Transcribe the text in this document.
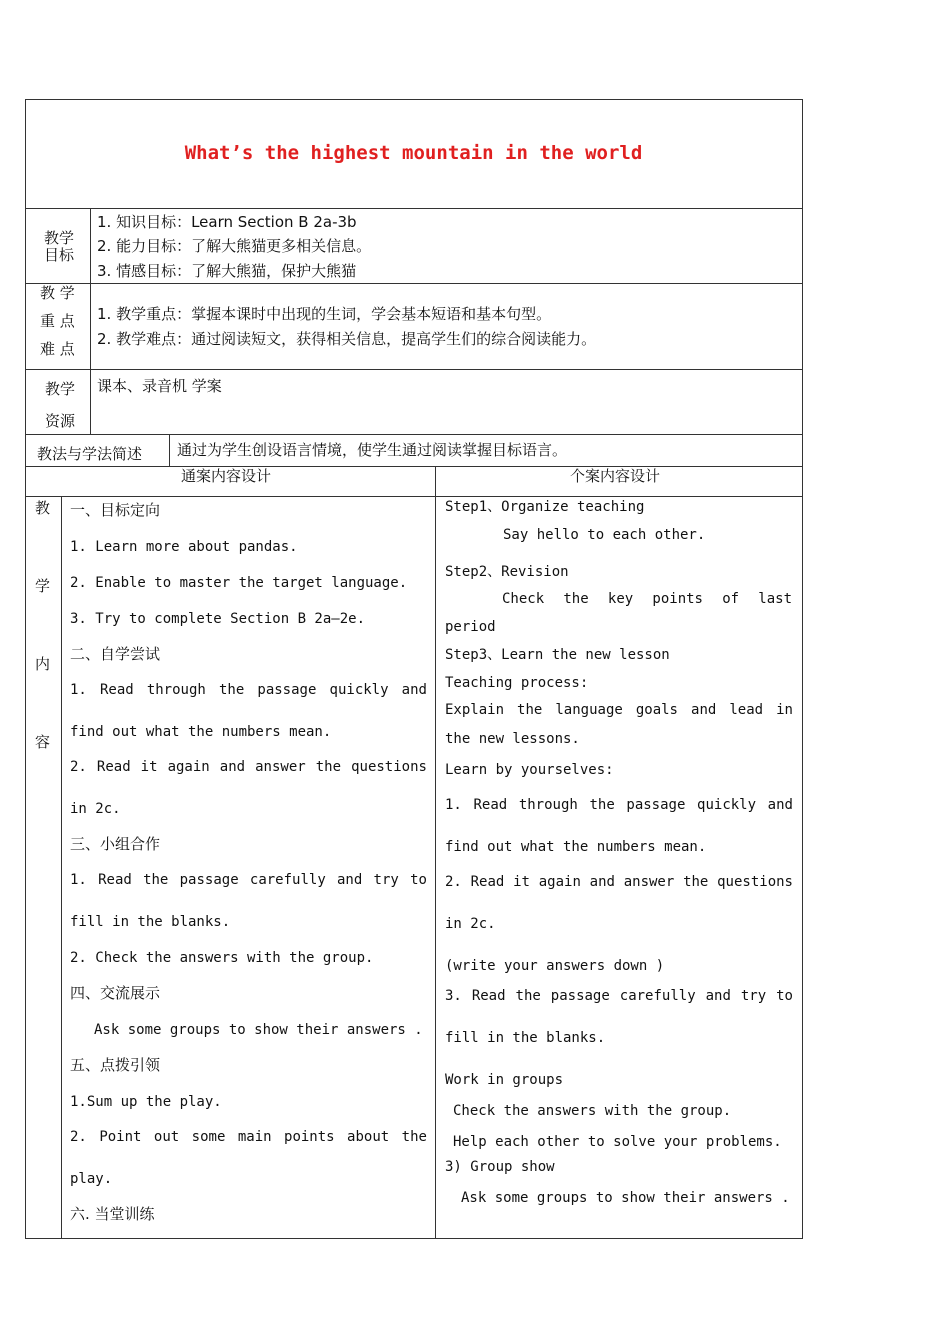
What’s the highest mountain in the world
教学
目标
1. 知识目标：Learn Section B 2a-3b
2. 能力目标：了解大熊猫更多相关信息。
3. 情感目标：了解大熊猫，保护大熊猫
教 学
重 点
难 点
1. 教学重点：掌握本课时中出现的生词，学会基本短语和基本句型。
2. 教学难点：通过阅读短文，获得相关信息，提高学生们的综合阅读能力。
教学
资源
课本、录音机 学案
教法与学法简述 通过为学生创设语言情境，使学生通过阅读掌握目标语言。
通案内容设计	个案内容设计
教
学
内
容
一、目标定向
1. Learn more about pandas.
2. Enable to master the target language.
3. Try to complete Section B 2a—2e.
二、自学尝试
1. Read through the passage quickly and
find out what the numbers mean.
2. Read it again and answer the questions
in 2c.
三、小组合作
1. Read the passage carefully and try to
fill in the blanks.
2. Check the answers with the group.
四、交流展示
Ask some groups to show their answers .
五、点拨引领
1.Sum up the play.
2. Point out some main points about the
play.
六. 当堂训练
Step1、Organize teaching
Say hello to each other.
Step2、Revision
Check the key points of last
period
Step3、Learn the new lesson
Teaching process:
Explain the language goals and lead in
the new lessons.
Learn by yourselves:
1. Read through the passage quickly and
find out what the numbers mean.
2. Read it again and answer the questions
in 2c.
(write your answers down )
3. Read the passage carefully and try to
fill in the blanks.
Work in groups
Check the answers with the group.
Help each other to solve your problems.
3) Group show
Ask some groups to show their answers .
